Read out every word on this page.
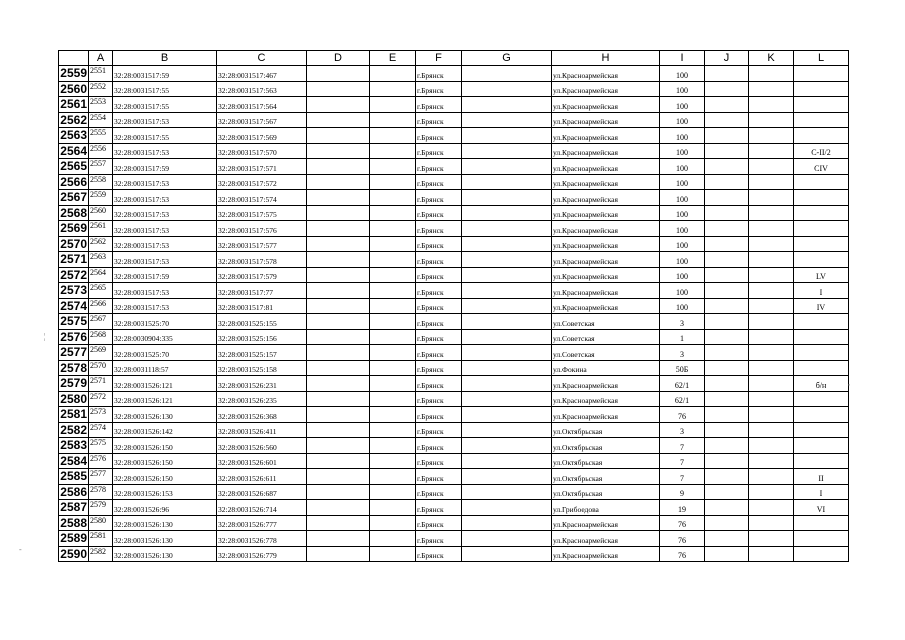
	A	B	C	D	E	F	G	H	I	J	K	L
2559	2551	32:28:0031517:59	32:28:0031517:467			г.Брянск		ул.Красноармейская	100			
2560	2552	32:28:0031517:55	32:28:0031517:563			г.Брянск		ул.Красноармейская	100			
2561	2553	32:28:0031517:55	32:28:0031517:564			г.Брянск		ул.Красноармейская	100			
2562	2554	32:28:0031517:53	32:28:0031517:567			г.Брянск		ул.Красноармейская	100			
2563	2555	32:28:0031517:55	32:28:0031517:569			г.Брянск		ул.Красноармейская	100			
2564	2556	32:28:0031517:53	32:28:0031517:570			г.Брянск		ул.Красноармейская	100			С-II/2
2565	2557	32:28:0031517:59	32:28:0031517:571			г.Брянск		ул.Красноармейская	100			CIV
2566	2558	32:28:0031517:53	32:28:0031517:572			г.Брянск		ул.Красноармейская	100			
2567	2559	32:28:0031517:53	32:28:0031517:574			г.Брянск		ул.Красноармейская	100			
2568	2560	32:28:0031517:53	32:28:0031517:575			г.Брянск		ул.Красноармейская	100			
2569	2561	32:28:0031517:53	32:28:0031517:576			г.Брянск		ул.Красноармейская	100			
2570	2562	32:28:0031517:53	32:28:0031517:577			г.Брянск		ул.Красноармейская	100			
2571	2563	32:28:0031517:53	32:28:0031517:578			г.Брянск		ул.Красноармейская	100			
2572	2564	32:28:0031517:59	32:28:0031517:579			г.Брянск		ул.Красноармейская	100			LV
2573	2565	32:28:0031517:53	32:28:0031517:77			г.Брянск		ул.Красноармейская	100			I
2574	2566	32:28:0031517:53	32:28:0031517:81			г.Брянск		ул.Красноармейская	100			IV
2575	2567	32:28:0031525:70	32:28:0031525:155			г.Брянск		ул.Советская	3			
2576	2568	32:28:0030904:335	32:28:0031525:156			г.Брянск		ул.Советская	1			
2577	2569	32:28:0031525:70	32:28:0031525:157			г.Брянск		ул.Советская	3			
2578	2570	32:28:0031118:57	32:28:0031525:158			г.Брянск		ул.Фокина	50Б			
2579	2571	32:28:0031526:121	32:28:0031526:231			г.Брянск		ул.Красноармейская	62/1			б/н
2580	2572	32:28:0031526:121	32:28:0031526:235			г.Брянск		ул.Красноармейская	62/1			
2581	2573	32:28:0031526:130	32:28:0031526:368			г.Брянск		ул.Красноармейская	76			
2582	2574	32:28:0031526:142	32:28:0031526:411			г.Брянск		ул.Октябрьская	3			
2583	2575	32:28:0031526:150	32:28:0031526:560			г.Брянск		ул.Октябрьская	7			
2584	2576	32:28:0031526:150	32:28:0031526:601			г.Брянск		ул.Октябрьская	7			
2585	2577	32:28:0031526:150	32:28:0031526:611			г.Брянск		ул.Октябрьская	7			II
2586	2578	32:28:0031526:153	32:28:0031526:687			г.Брянск		ул.Октябрьская	9			I
2587	2579	32:28:0031526:96	32:28:0031526:714			г.Брянск		ул.Грибоедова	19			VI
2588	2580	32:28:0031526:130	32:28:0031526:777			г.Брянск		ул.Красноармейская	76			
2589	2581	32:28:0031526:130	32:28:0031526:778			г.Брянск		ул.Красноармейская	76			
2590	2582	32:28:0031526:130	32:28:0031526:779			г.Брянск		ул.Красноармейская	76			
¦
-
,
